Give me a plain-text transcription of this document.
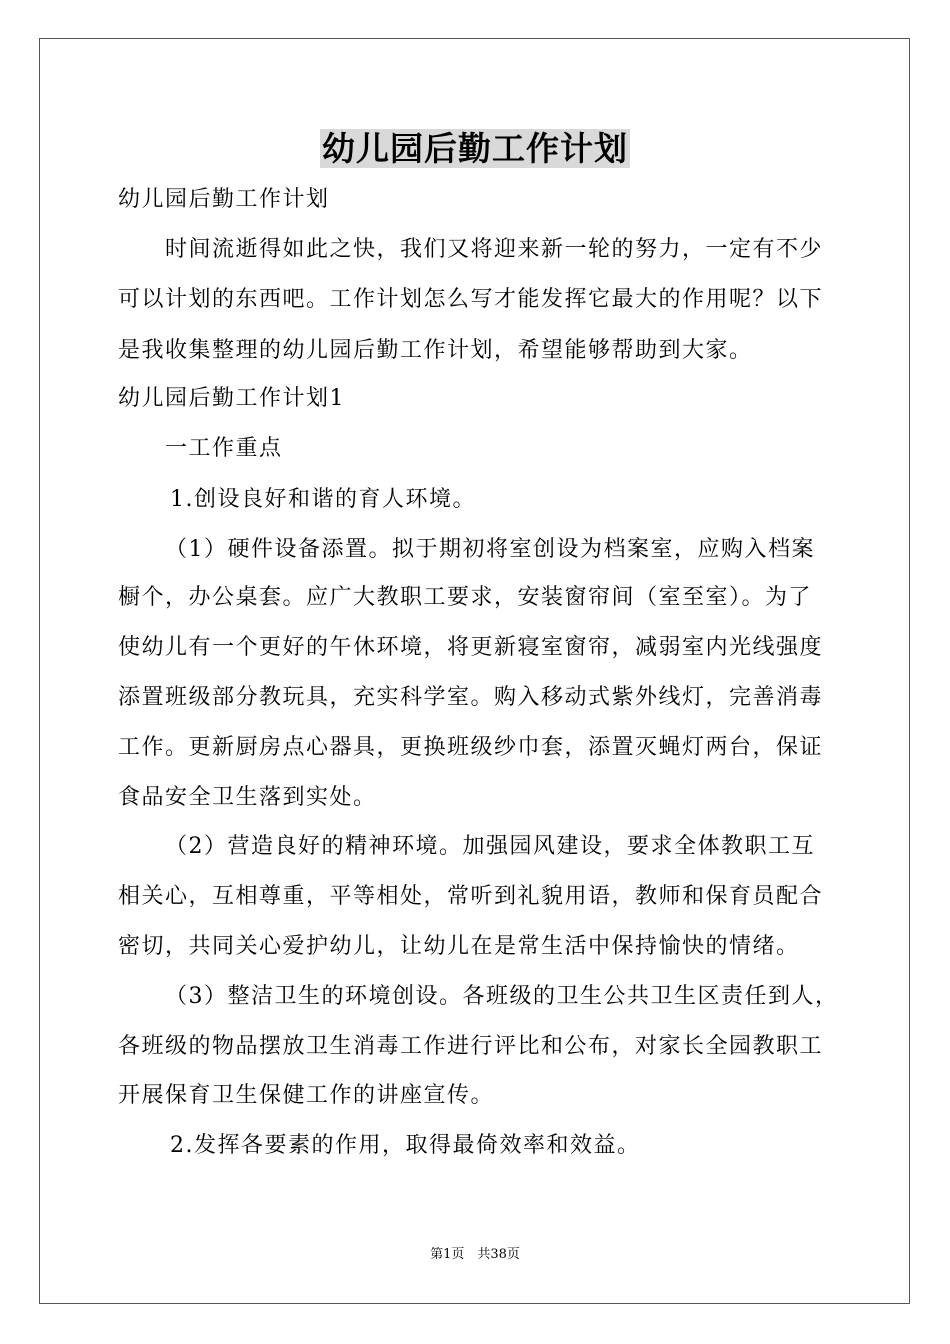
幼儿园后勤工作计划
幼儿园后勤工作计划
时间流逝得如此之快，我们又将迎来新一轮的努力，一定有不少
可以计划的东西吧。工作计划怎么写才能发挥它最大的作用呢？以下
是我收集整理的幼儿园后勤工作计划，希望能够帮助到大家。
幼儿园后勤工作计划1
一工作重点
1.创设良好和谐的育人环境。
（1）硬件设备添置。拟于期初将室创设为档案室，应购入档案
橱个，办公桌套。应广大教职工要求，安装窗帘间（室至室）。为了
使幼儿有一个更好的午休环境，将更新寝室窗帘，减弱室内光线强度
添置班级部分教玩具，充实科学室。购入移动式紫外线灯，完善消毒
工作。更新厨房点心器具，更换班级纱巾套，添置灭蝇灯两台，保证
食品安全卫生落到实处。
（2）营造良好的精神环境。加强园风建设，要求全体教职工互
相关心，互相尊重，平等相处，常听到礼貌用语，教师和保育员配合
密切，共同关心爱护幼儿，让幼儿在是常生活中保持愉快的情绪。
（3）整洁卫生的环境创设。各班级的卫生公共卫生区责任到人，
各班级的物品摆放卫生消毒工作进行评比和公布，对家长全园教职工
开展保育卫生保健工作的讲座宣传。
2.发挥各要素的作用，取得最倚效率和效益。
第1页　共38页
